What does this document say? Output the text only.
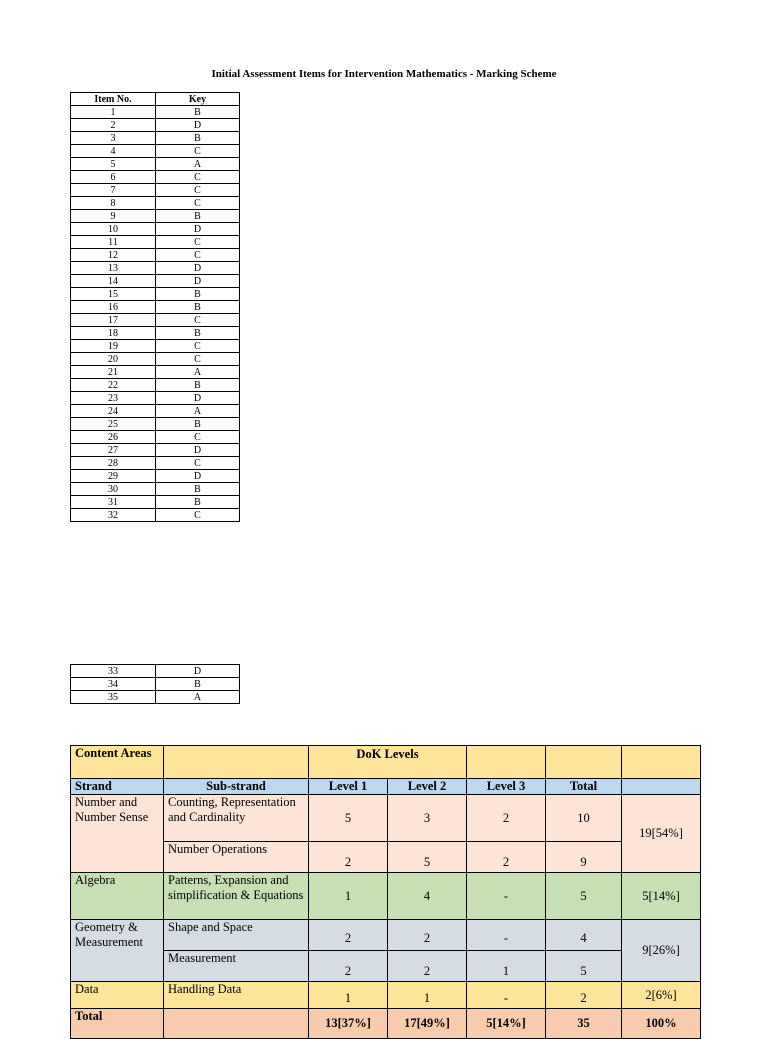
Initial Assessment Items for Intervention Mathematics - Marking Scheme
Item No.	Key
1	B
2	D
3	B
4	C
5	A
6	C
7	C
8	C
9	B
10	D
11	C
12	C
13	D
14	D
15	B
16	B
17	C
18	B
19	C
20	C
21	A
22	B
23	D
24	A
25	B
26	C
27	D
28	C
29	D
30	B
31	B
32	C
33	D
34	B
35	A
Content Areas		DoK Levels				
Strand	Sub-strand	Level 1	Level 2	Level 3	Total	
Number and Number Sense	Counting, Representation and Cardinality	5	3	2	10	19[54%]
	Number Operations	2	5	2	9	
Algebra	Patterns, Expansion and simplification & Equations	1	4	-	5	5[14%]
Geometry & Measurement	Shape and Space	2	2	-	4	9[26%]
	Measurement	2	2	1	5	
Data	Handling Data	1	1	-	2	2[6%]
Total		13[37%]	17[49%]	5[14%]	35	100%
